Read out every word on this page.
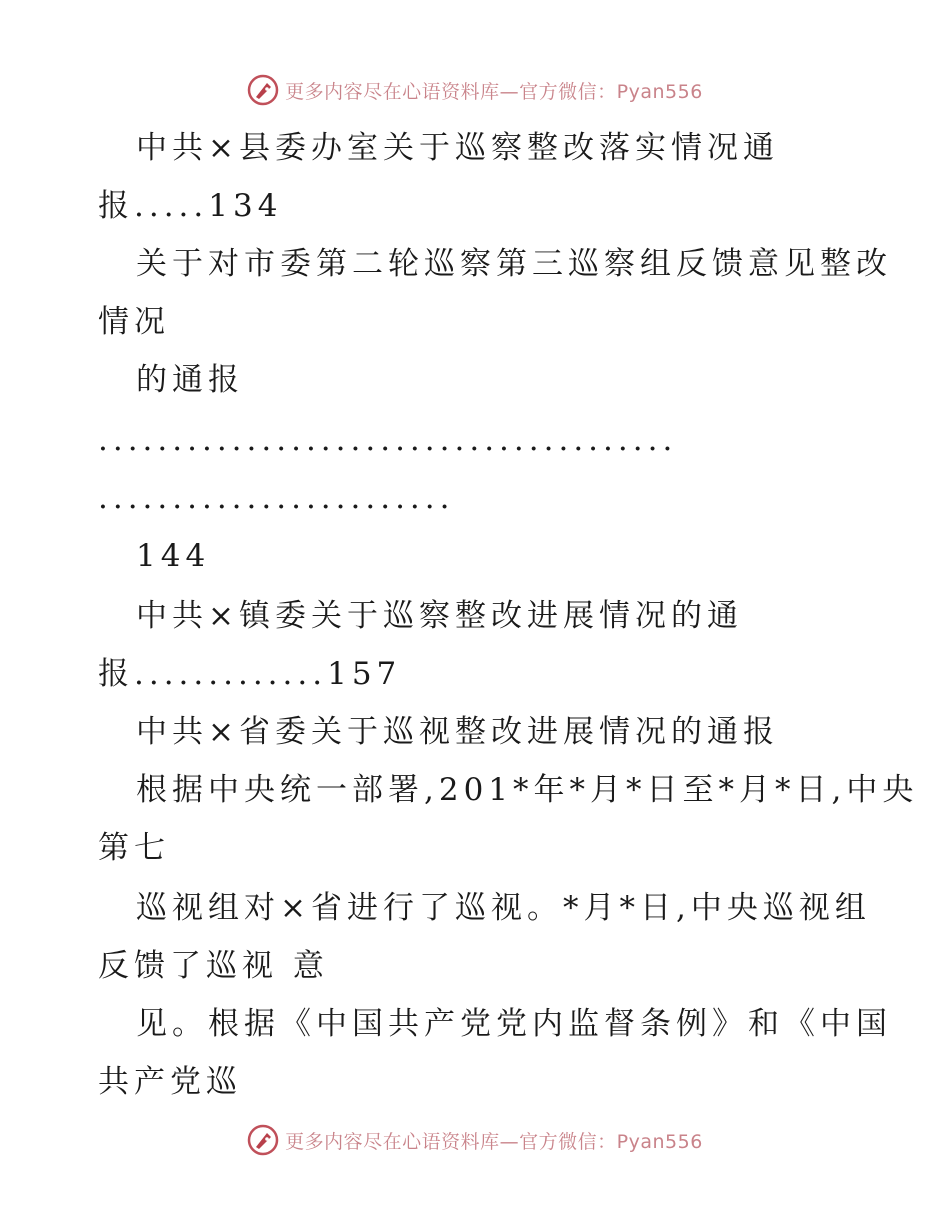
更多内容尽在心语资料库—官方微信：Pyan556
中共×县委办室关于巡察整改落实情况通
报.....134
关于对市委第二轮巡察第三巡察组反馈意见整改
情况
的通报
.......................................
........................
144
中共×镇委关于巡察整改进展情况的通
报.............157
中共×省委关于巡视整改进展情况的通报
根据中央统一部署,201*年*月*日至*月*日,中央
第七
巡视组对×省进行了巡视。*月*日,中央巡视组
反馈了巡视 意
见。根据《中国共产党党内监督条例》和《中国
共产党巡
更多内容尽在心语资料库—官方微信：Pyan556
